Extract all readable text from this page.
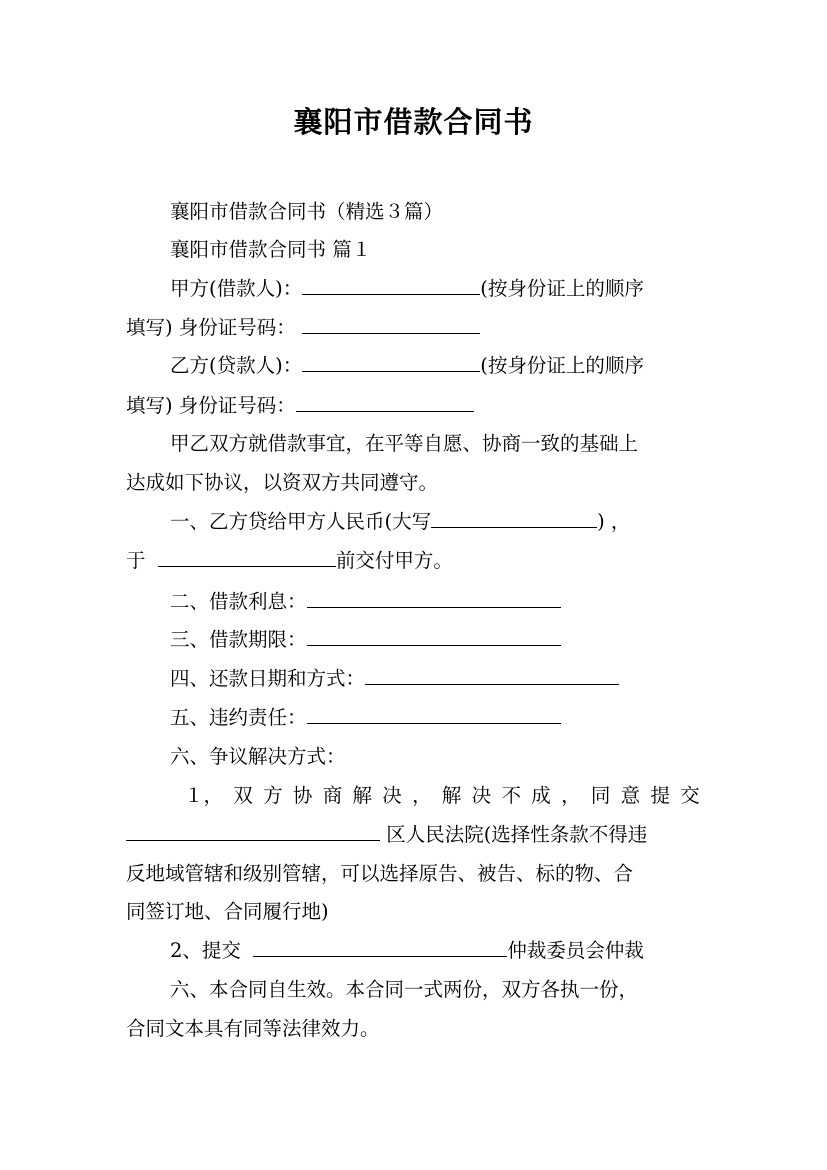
襄阳市借款合同书
襄阳市借款合同书（精选３篇）
襄阳市借款合同书 篇１
甲方(借款人)：	(按身份证上的顺序
填写) 身份证号码：
乙方(贷款人)：	(按身份证上的顺序
填写) 身份证号码：
甲乙双方就借款事宜，在平等自愿、协商一致的基础上
达成如下协议，以资双方共同遵守。
一、乙方贷给甲方人民币(大写	) ，
于	前交付甲方。
二、借款利息：
三、借款期限：
四、还款日期和方式：
五、违约责任：
六、争议解决方式：
１， 双 方 协 商 解 决 ， 解 决 不 成 ， 同 意 提 交
区人民法院(选择性条款不得违
反地域管辖和级别管辖，可以选择原告、被告、标的物、合
同签订地、合同履行地)
2、提交	仲裁委员会仲裁
六、本合同自生效。本合同一式两份，双方各执一份，
合同文本具有同等法律效力。
